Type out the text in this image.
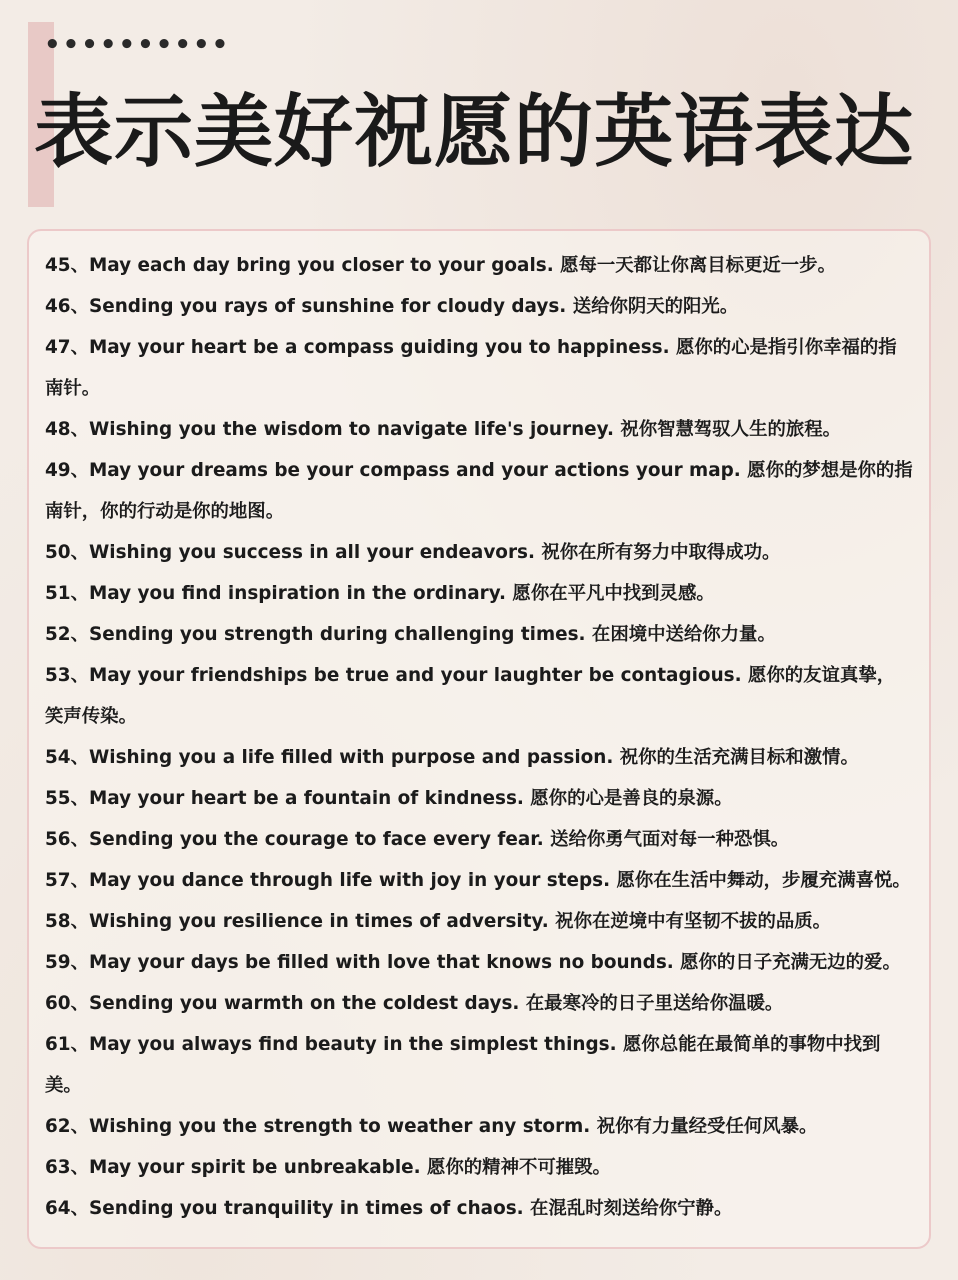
••••••••••
表示美好祝愿的英语表达
45、May each day bring you closer to your goals. 愿每一天都让你离目标更近一步。
46、Sending you rays of sunshine for cloudy days. 送给你阴天的阳光。
47、May your heart be a compass guiding you to happiness. 愿你的心是指引你幸福的指南针。
48、Wishing you the wisdom to navigate life's journey. 祝你智慧驾驭人生的旅程。
49、May your dreams be your compass and your actions your map. 愿你的梦想是你的指南针，你的行动是你的地图。
50、Wishing you success in all your endeavors. 祝你在所有努力中取得成功。
51、May you find inspiration in the ordinary. 愿你在平凡中找到灵感。
52、Sending you strength during challenging times. 在困境中送给你力量。
53、May your friendships be true and your laughter be contagious. 愿你的友谊真挚，笑声传染。
54、Wishing you a life filled with purpose and passion. 祝你的生活充满目标和激情。
55、May your heart be a fountain of kindness. 愿你的心是善良的泉源。
56、Sending you the courage to face every fear. 送给你勇气面对每一种恐惧。
57、May you dance through life with joy in your steps. 愿你在生活中舞动，步履充满喜悦。
58、Wishing you resilience in times of adversity. 祝你在逆境中有坚韧不拔的品质。
59、May your days be filled with love that knows no bounds. 愿你的日子充满无边的爱。
60、Sending you warmth on the coldest days. 在最寒冷的日子里送给你温暖。
61、May you always find beauty in the simplest things. 愿你总能在最简单的事物中找到美。
62、Wishing you the strength to weather any storm. 祝你有力量经受任何风暴。
63、May your spirit be unbreakable. 愿你的精神不可摧毁。
64、Sending you tranquility in times of chaos. 在混乱时刻送给你宁静。
